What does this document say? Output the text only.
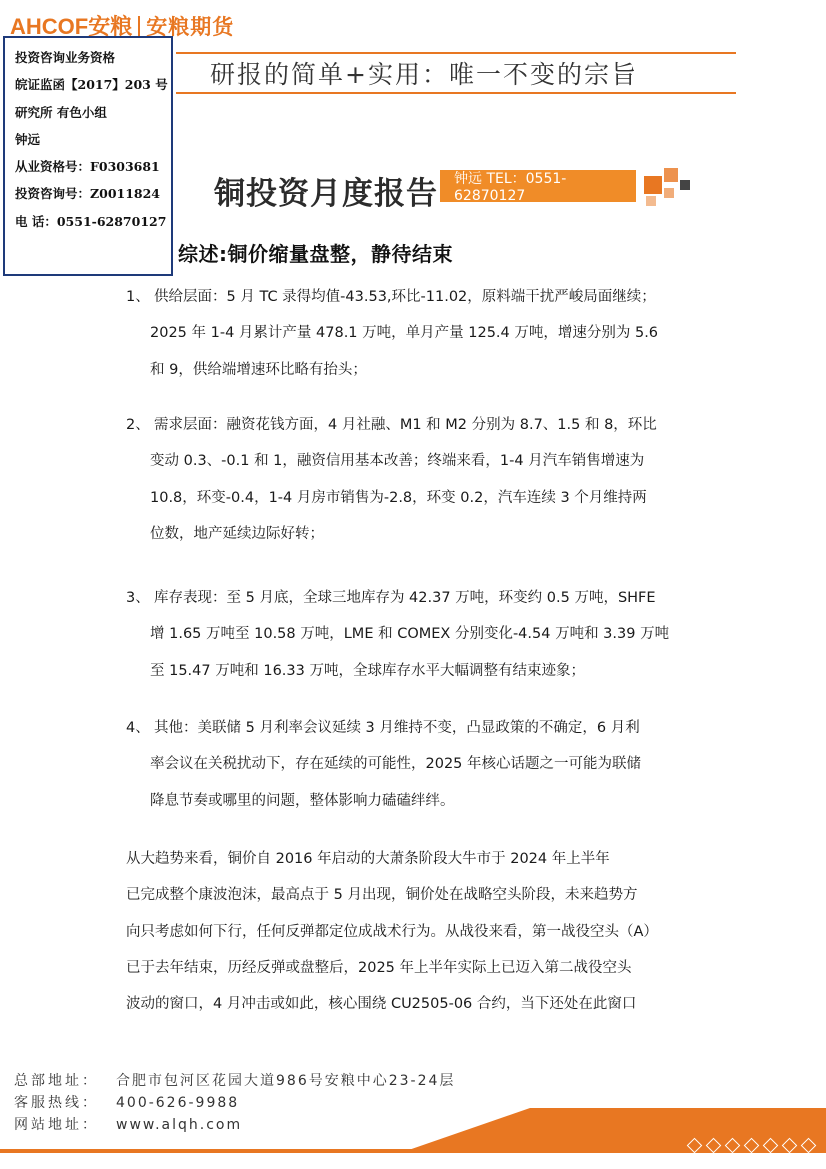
AHCOF安粮 安粮期货
研报的简单+实用：唯一不变的宗旨
投资咨询业务资格
皖证监函【2017】203 号
研究所 有色小组
钟远
从业资格号：F0303681
投资咨询号：Z0011824
电 话：0551-62870127
铜投资月度报告 钟远 TEL：0551-62870127
综述:铜价缩量盘整，静待结束
1、 供给层面：5 月 TC 录得均值-43.53,环比-11.02，原料端干扰严峻局面继续；
2025 年 1-4 月累计产量 478.1 万吨，单月产量 125.4 万吨，增速分别为 5.6
和 9，供给端增速环比略有抬头；
2、 需求层面：融资花钱方面，4 月社融、M1 和 M2 分别为 8.7、1.5 和 8，环比
变动 0.3、-0.1 和 1，融资信用基本改善；终端来看，1-4 月汽车销售增速为
10.8，环变-0.4，1-4 月房市销售为-2.8，环变 0.2，汽车连续 3 个月维持两
位数，地产延续边际好转；
3、 库存表现：至 5 月底，全球三地库存为 42.37 万吨，环变约 0.5 万吨，SHFE
增 1.65 万吨至 10.58 万吨，LME 和 COMEX 分别变化-4.54 万吨和 3.39 万吨
至 15.47 万吨和 16.33 万吨，全球库存水平大幅调整有结束迹象；
4、 其他：美联储 5 月利率会议延续 3 月维持不变，凸显政策的不确定，6 月利
率会议在关税扰动下，存在延续的可能性，2025 年核心话题之一可能为联储
降息节奏或哪里的问题，整体影响力磕磕绊绊。
从大趋势来看，铜价自 2016 年启动的大萧条阶段大牛市于 2024 年上半年
已完成整个康波泡沫，最高点于 5 月出现，铜价处在战略空头阶段，未来趋势方
向只考虑如何下行，任何反弹都定位成战术行为。从战役来看，第一战役空头（A）
已于去年结束，历经反弹或盘整后，2025 年上半年实际上已迈入第二战役空头
波动的窗口，4 月冲击或如此，核心围绕 CU2505-06 合约，当下还处在此窗口
总部地址： 合肥市包河区花园大道986号安粮中心23-24层
客服热线： 400-626-9988
网站地址： www.alqh.com
